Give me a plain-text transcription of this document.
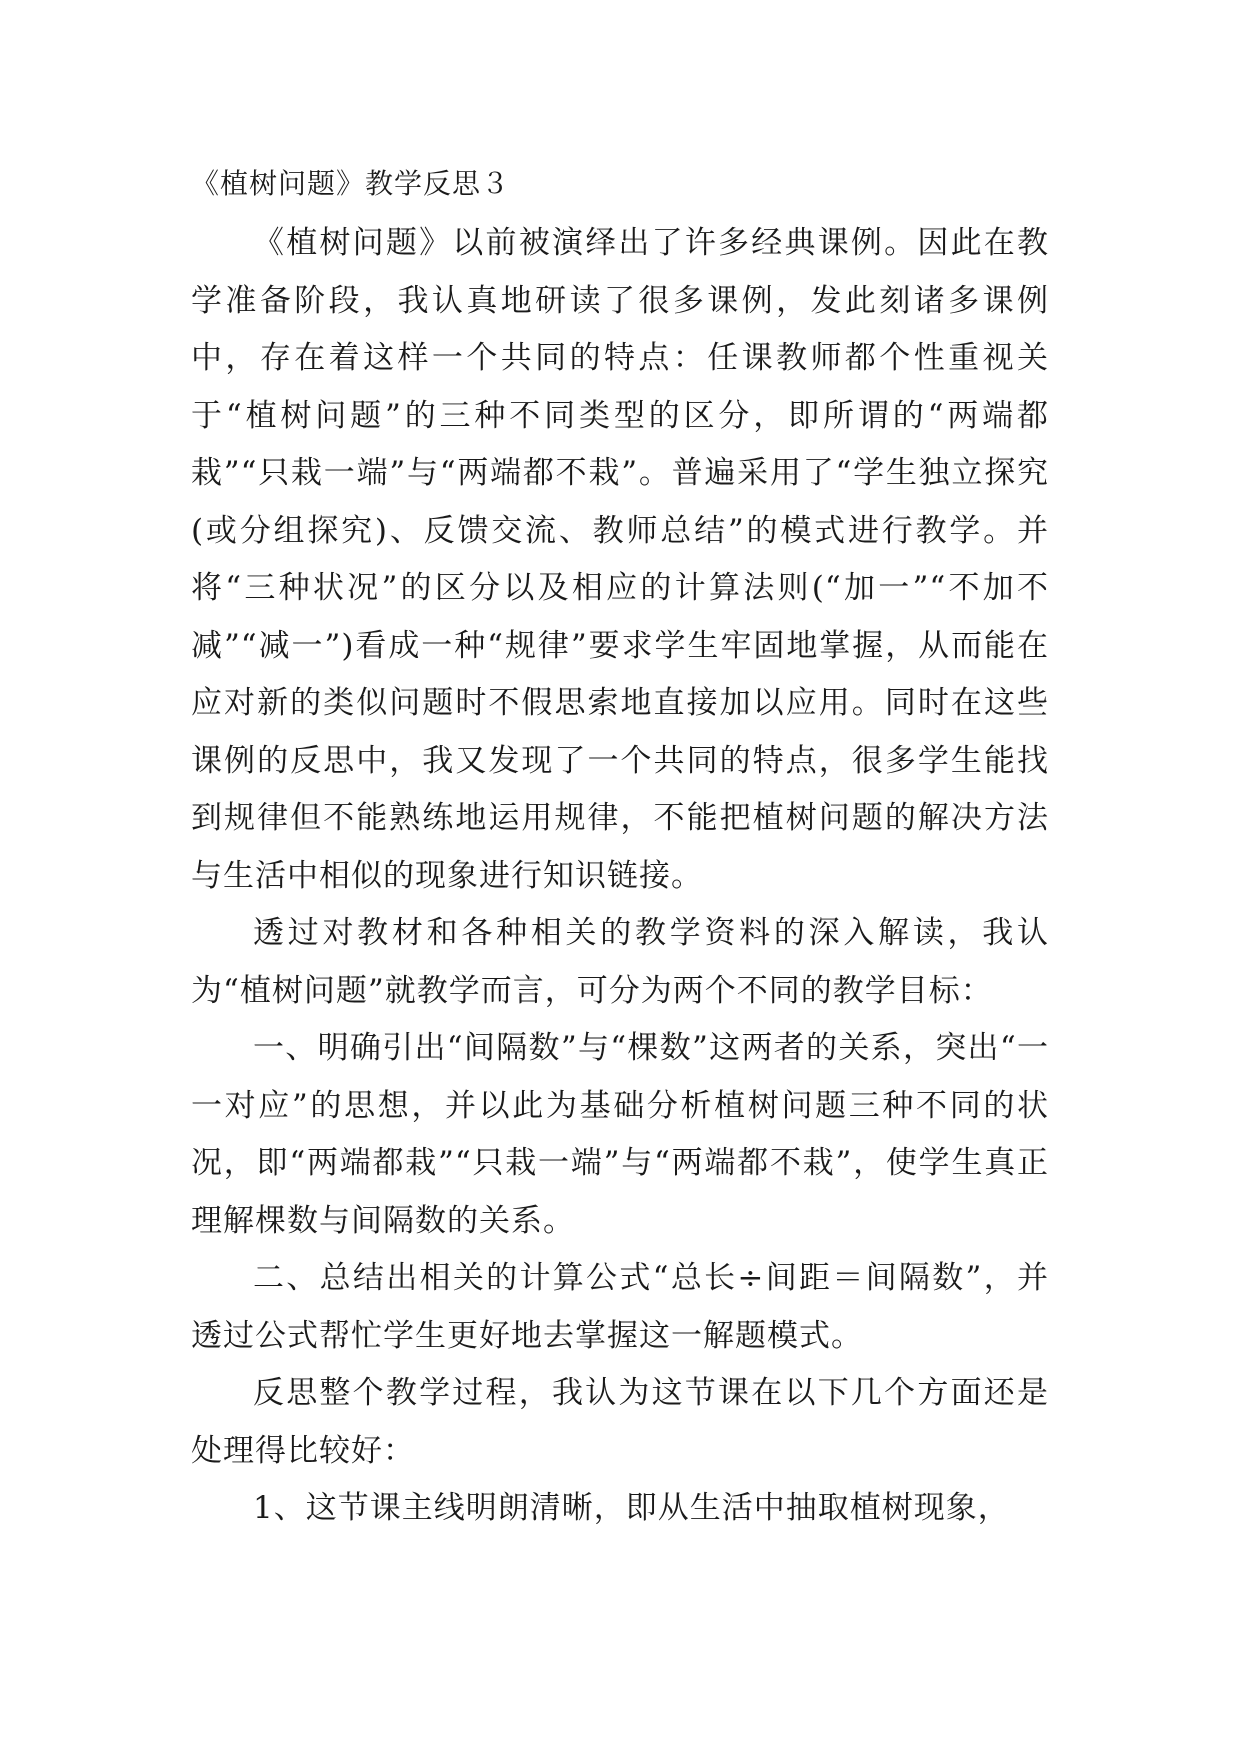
《植树问题》教学反思３

《植树问题》以前被演绎出了许多经典课例。因此在教学准备阶段，我认真地研读了很多课例，发此刻诸多课例中，存在着这样一个共同的特点：任课教师都个性重视关于“植树问题”的三种不同类型的区分，即所谓的“两端都栽”“只栽一端”与“两端都不栽”。普遍采用了“学生独立探究(或分组探究)、反馈交流、教师总结”的模式进行教学。并将“三种状况”的区分以及相应的计算法则(“加一”“不加不减”“减一”)看成一种“规律”要求学生牢固地掌握，从而能在应对新的类似问题时不假思索地直接加以应用。同时在这些课例的反思中，我又发现了一个共同的特点，很多学生能找到规律但不能熟练地运用规律，不能把植树问题的解决方法与生活中相似的现象进行知识链接。

透过对教材和各种相关的教学资料的深入解读，我认为“植树问题”就教学而言，可分为两个不同的教学目标：

一、明确引出“间隔数”与“棵数”这两者的关系，突出“一一对应”的思想，并以此为基础分析植树问题三种不同的状况，即“两端都栽”“只栽一端”与“两端都不栽”，使学生真正理解棵数与间隔数的关系。

二、总结出相关的计算公式“总长÷间距＝间隔数”，并透过公式帮忙学生更好地去掌握这一解题模式。

反思整个教学过程，我认为这节课在以下几个方面还是处理得比较好：

1、这节课主线明朗清晰，即从生活中抽取植树现象，
